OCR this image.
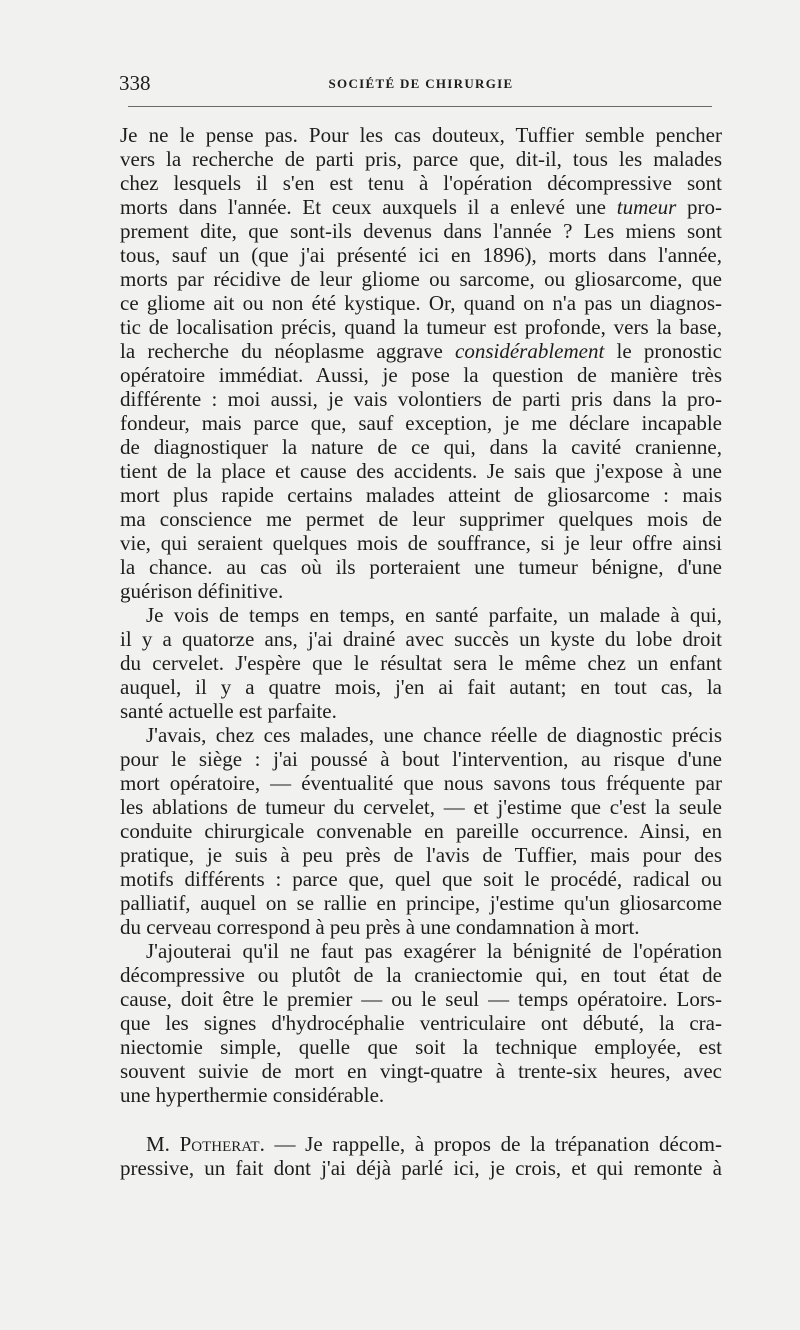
338	SOCIÉTÉ DE CHIRURGIE
Je ne le pense pas. Pour les cas douteux, Tuffier semble pencher
vers la recherche de parti pris, parce que, dit-il, tous les malades
chez lesquels il s'en est tenu à l'opération décompressive sont
morts dans l'année. Et ceux auxquels il a enlevé une tumeur pro-
prement dite, que sont-ils devenus dans l'année ? Les miens sont
tous, sauf un (que j'ai présenté ici en 1896), morts dans l'année,
morts par récidive de leur gliome ou sarcome, ou gliosarcome, que
ce gliome ait ou non été kystique. Or, quand on n'a pas un diagnos-
tic de localisation précis, quand la tumeur est profonde, vers la base,
la recherche du néoplasme aggrave considérablement le pronostic
opératoire immédiat. Aussi, je pose la question de manière très
différente : moi aussi, je vais volontiers de parti pris dans la pro-
fondeur, mais parce que, sauf exception, je me déclare incapable
de diagnostiquer la nature de ce qui, dans la cavité cranienne,
tient de la place et cause des accidents. Je sais que j'expose à une
mort plus rapide certains malades atteint de gliosarcome : mais
ma conscience me permet de leur supprimer quelques mois de
vie, qui seraient quelques mois de souffrance, si je leur offre ainsi
la chance. au cas où ils porteraient une tumeur bénigne, d'une
guérison définitive.
Je vois de temps en temps, en santé parfaite, un malade à qui,
il y a quatorze ans, j'ai drainé avec succès un kyste du lobe droit
du cervelet. J'espère que le résultat sera le même chez un enfant
auquel, il y a quatre mois, j'en ai fait autant; en tout cas, la
santé actuelle est parfaite.
J'avais, chez ces malades, une chance réelle de diagnostic précis
pour le siège : j'ai poussé à bout l'intervention, au risque d'une
mort opératoire, — éventualité que nous savons tous fréquente par
les ablations de tumeur du cervelet, — et j'estime que c'est la seule
conduite chirurgicale convenable en pareille occurrence. Ainsi, en
pratique, je suis à peu près de l'avis de Tuffier, mais pour des
motifs différents : parce que, quel que soit le procédé, radical ou
palliatif, auquel on se rallie en principe, j'estime qu'un gliosarcome
du cerveau correspond à peu près à une condamnation à mort.
J'ajouterai qu'il ne faut pas exagérer la bénignité de l'opération
décompressive ou plutôt de la craniectomie qui, en tout état de
cause, doit être le premier — ou le seul — temps opératoire. Lors-
que les signes d'hydrocéphalie ventriculaire ont débuté, la cra-
niectomie simple, quelle que soit la technique employée, est
souvent suivie de mort en vingt-quatre à trente-six heures, avec
une hyperthermie considérable.
M. Potherat. — Je rappelle, à propos de la trépanation décom-
pressive, un fait dont j'ai déjà parlé ici, je crois, et qui remonte à
